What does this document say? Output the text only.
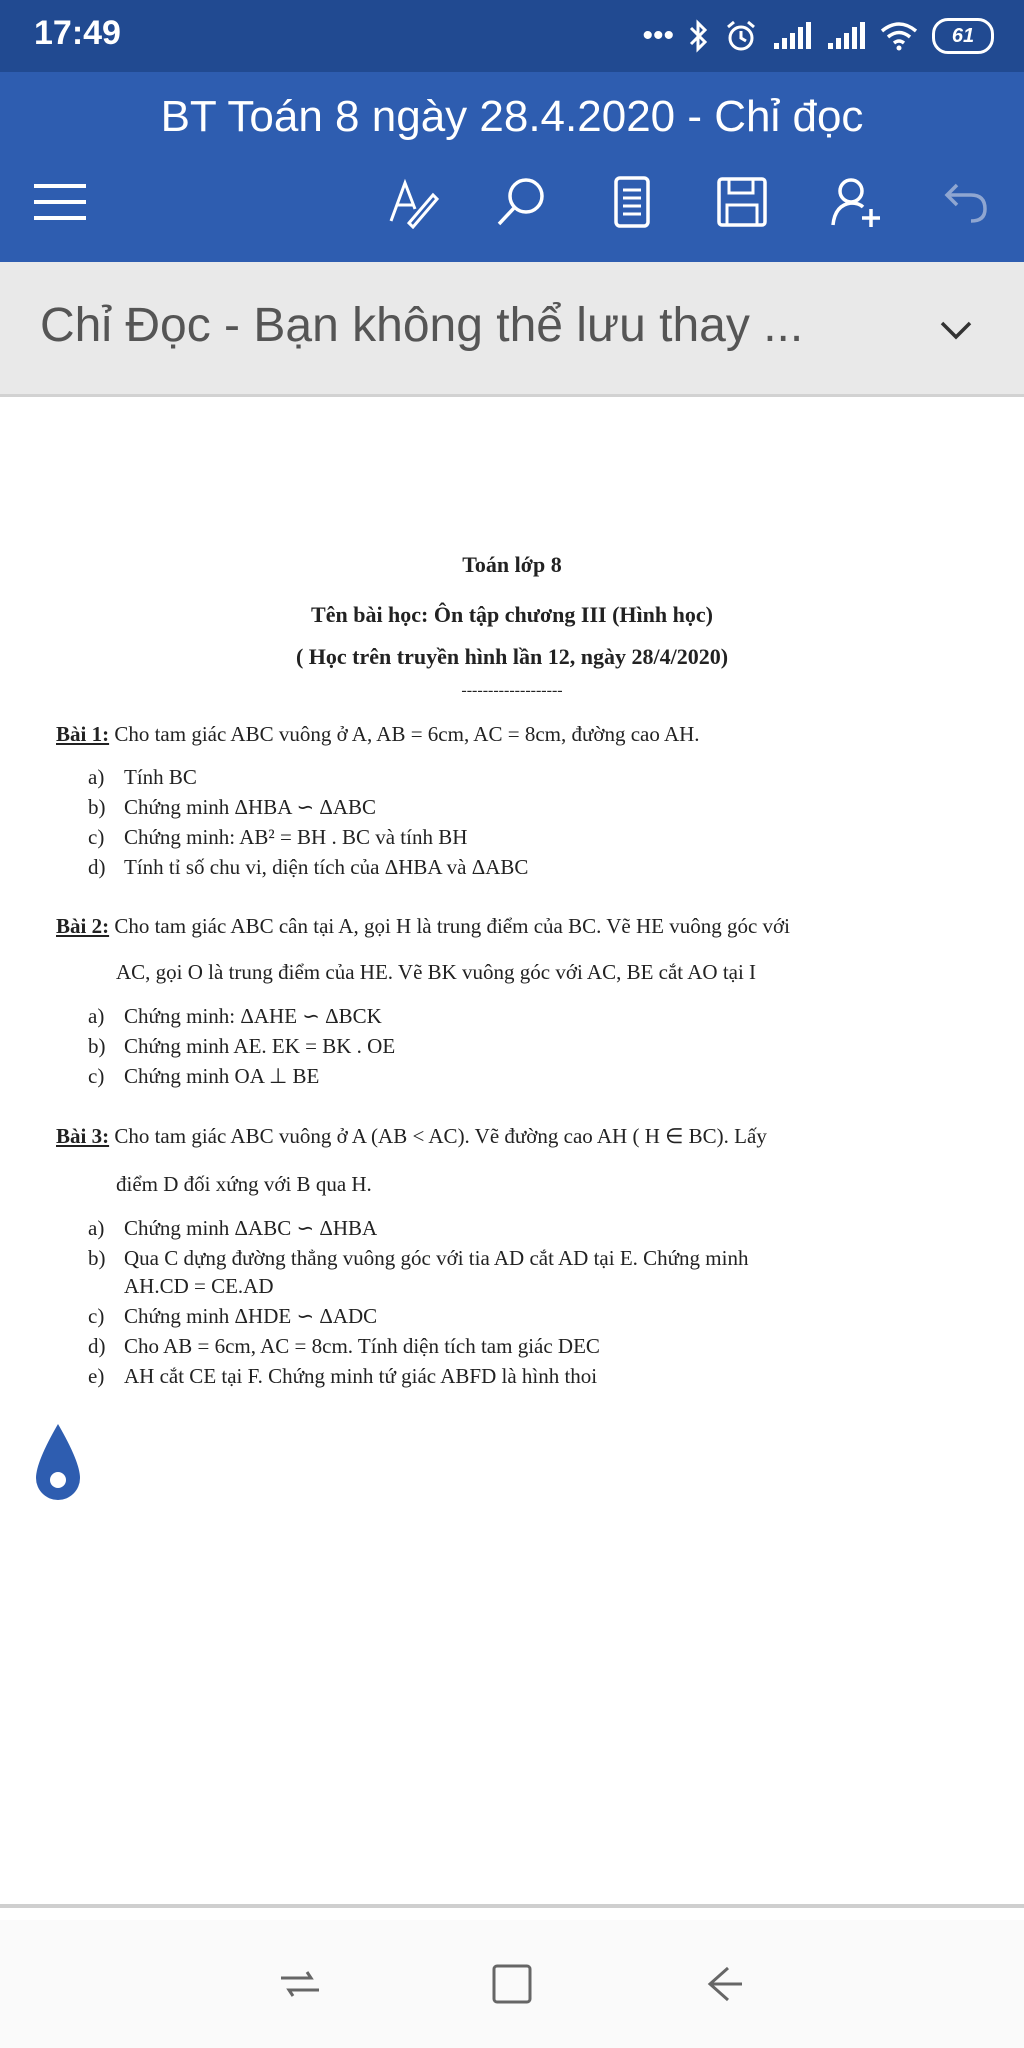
17:49	•••	61
BT Toán 8 ngày 28.4.2020 - Chỉ đọc
Chỉ Đọc - Bạn không thể lưu thay ...
Toán lớp 8
Tên bài học: Ôn tập chương III (Hình học)
( Học trên truyền hình lần 12, ngày 28/4/2020)
-------------------
Bài 1: Cho tam giác ABC vuông ở A, AB = 6cm, AC = 8cm, đường cao AH.
a) Tính BC
b) Chứng minh ΔHBA ∽ ΔABC
c) Chứng minh: AB² = BH . BC và tính BH
d) Tính tỉ số chu vi, diện tích của ΔHBA và ΔABC
Bài 2: Cho tam giác ABC cân tại A, gọi H là trung điểm của BC. Vẽ HE vuông góc với
AC, gọi O là trung điểm của HE. Vẽ BK vuông góc với AC, BE cắt AO tại I
a) Chứng minh: ΔAHE ∽ ΔBCK
b) Chứng minh AE. EK = BK . OE
c) Chứng minh OA ⊥ BE
Bài 3: Cho tam giác ABC vuông ở A (AB < AC). Vẽ đường cao AH ( H ∈ BC). Lấy
điểm D đối xứng với B qua H.
a) Chứng minh ΔABC ∽ ΔHBA
b) Qua C dựng đường thẳng vuông góc với tia AD cắt AD tại E. Chứng minh
AH.CD = CE.AD
c) Chứng minh ΔHDE ∽ ΔADC
d) Cho AB = 6cm, AC = 8cm. Tính diện tích tam giác DEC
e) AH cắt CE tại F. Chứng minh tứ giác ABFD là hình thoi
